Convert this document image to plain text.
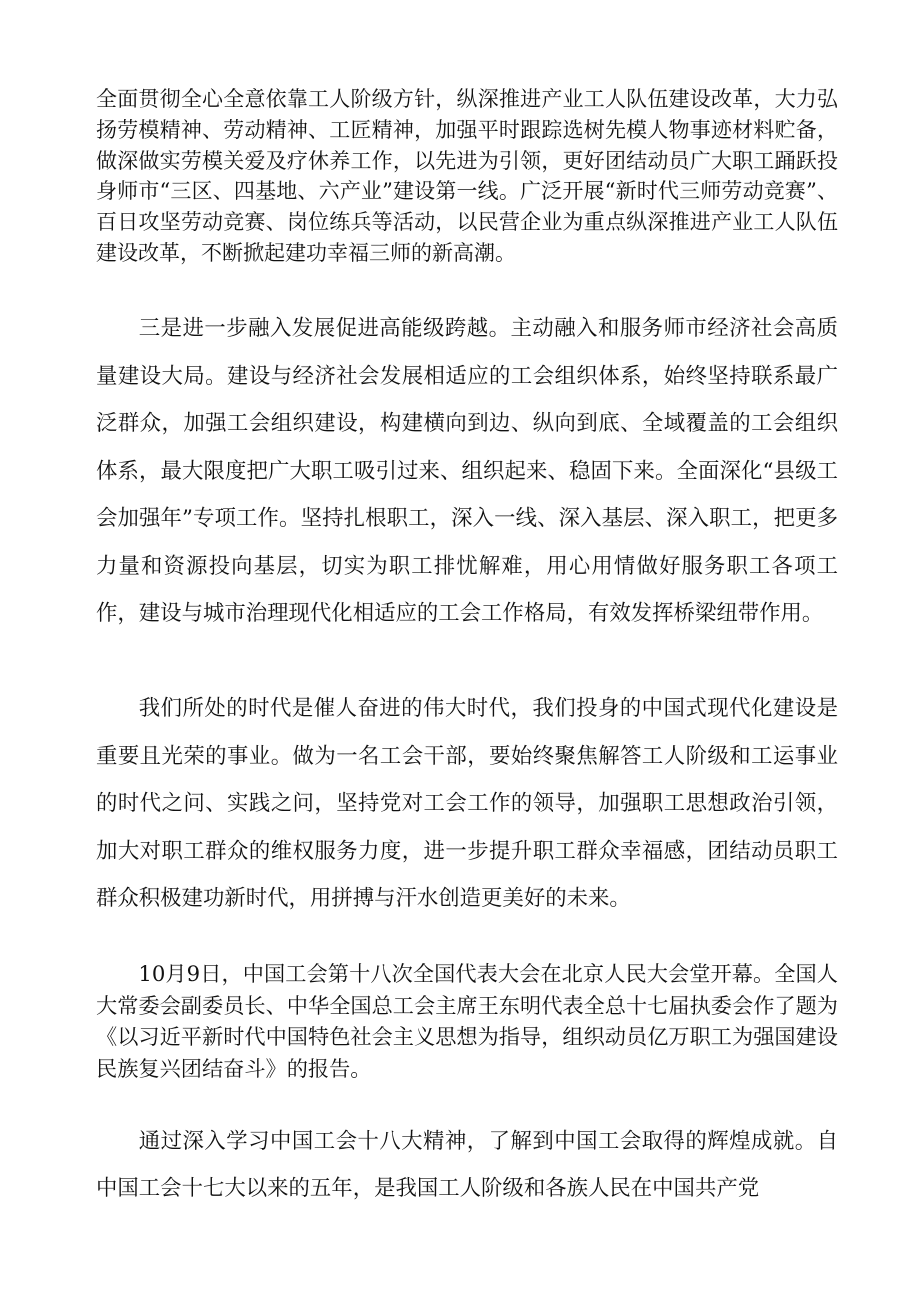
全面贯彻全心全意依靠工人阶级方针，纵深推进产业工人队伍建设改革，大力弘扬劳模精神、劳动精神、工匠精神，加强平时跟踪选树先模人物事迹材料贮备，做深做实劳模关爱及疗休养工作，以先进为引领，更好团结动员广大职工踊跃投身师市“三区、四基地、六产业”建设第一线。广泛开展“新时代三师劳动竞赛”、百日攻坚劳动竞赛、岗位练兵等活动，以民营企业为重点纵深推进产业工人队伍建设改革，不断掀起建功幸福三师的新高潮。

三是进一步融入发展促进高能级跨越。主动融入和服务师市经济社会高质量建设大局。建设与经济社会发展相适应的工会组织体系，始终坚持联系最广泛群众，加强工会组织建设，构建横向到边、纵向到底、全域覆盖的工会组织体系，最大限度把广大职工吸引过来、组织起来、稳固下来。全面深化“县级工会加强年”专项工作。坚持扎根职工，深入一线、深入基层、深入职工，把更多力量和资源投向基层，切实为职工排忧解难，用心用情做好服务职工各项工作，建设与城市治理现代化相适应的工会工作格局，有效发挥桥梁纽带作用。

我们所处的时代是催人奋进的伟大时代，我们投身的中国式现代化建设是重要且光荣的事业。做为一名工会干部，要始终聚焦解答工人阶级和工运事业的时代之问、实践之问，坚持党对工会工作的领导，加强职工思想政治引领，加大对职工群众的维权服务力度，进一步提升职工群众幸福感，团结动员职工群众积极建功新时代，用拼搏与汗水创造更美好的未来。

10月9日，中国工会第十八次全国代表大会在北京人民大会堂开幕。全国人大常委会副委员长、中华全国总工会主席王东明代表全总十七届执委会作了题为《以习近平新时代中国特色社会主义思想为指导，组织动员亿万职工为强国建设民族复兴团结奋斗》的报告。

通过深入学习中国工会十八大精神，了解到中国工会取得的辉煌成就。自中国工会十七大以来的五年，是我国工人阶级和各族人民在中国共产党
